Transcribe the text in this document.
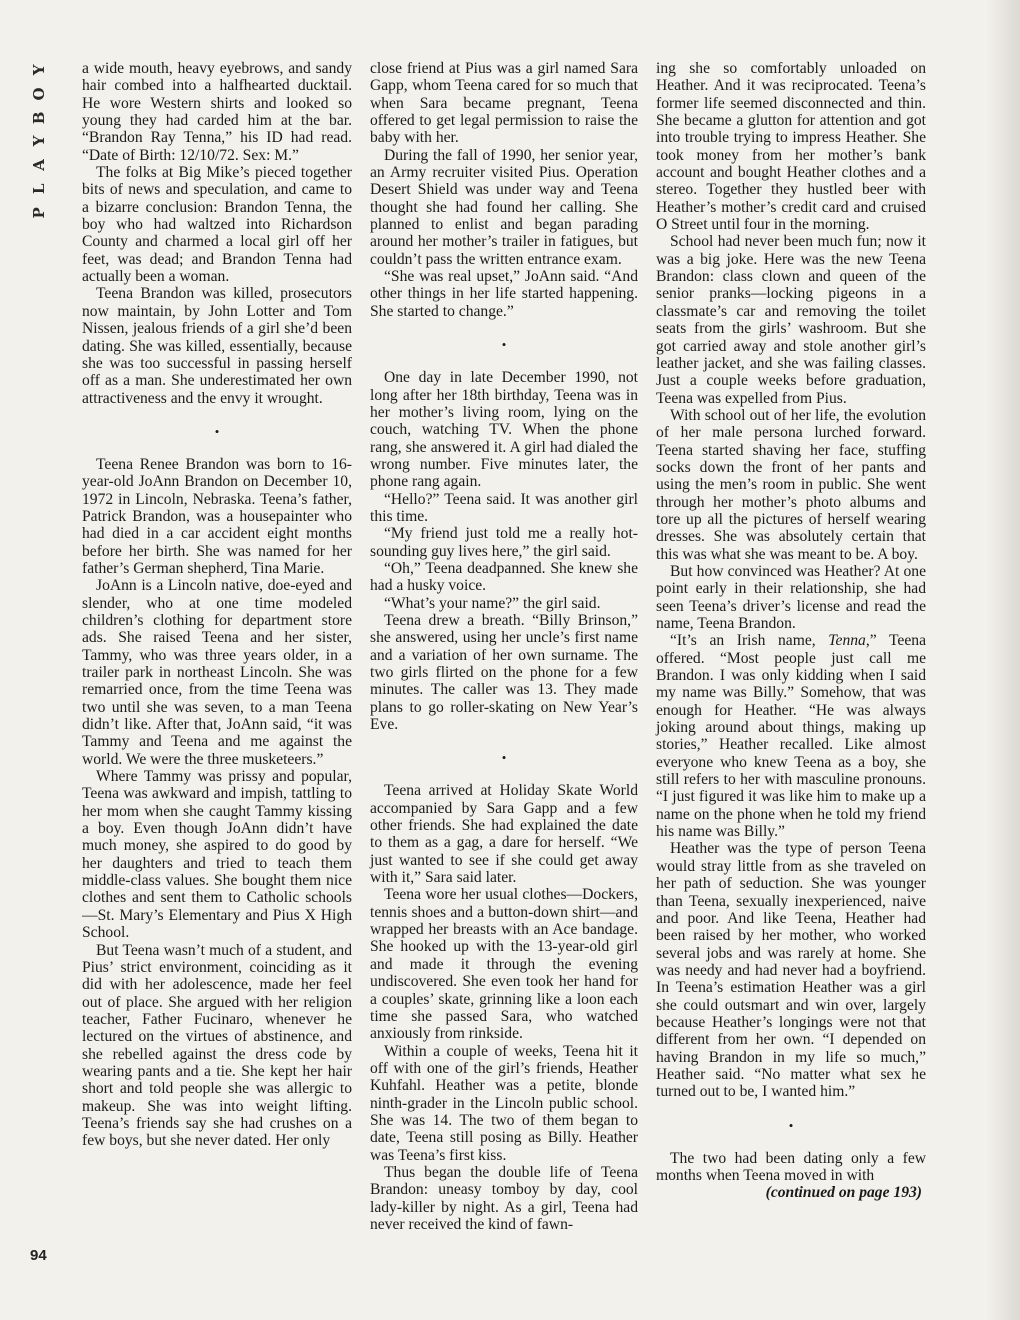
Y
O
B
Y
A
L
P
94

a wide mouth, heavy eyebrows, and sandy hair combed into a halfhearted ducktail. He wore Western shirts and looked so young they had carded him at the bar. “Brandon Ray Tenna,” his ID had read. “Date of Birth: 12/10/72. Sex: M.”

The folks at Big Mike’s pieced together bits of news and speculation, and came to a bizarre conclusion: Brandon Tenna, the boy who had waltzed into Richardson County and charmed a local girl off her feet, was dead; and Brandon Tenna had actually been a woman.

Teena Brandon was killed, prosecutors now maintain, by John Lotter and Tom Nissen, jealous friends of a girl she’d been dating. She was killed, essentially, because she was too successful in passing herself off as a man. She underestimated her own attractiveness and the envy it wrought.

•

Teena Renee Brandon was born to 16-year-old JoAnn Brandon on December 10, 1972 in Lincoln, Nebraska. Teena’s father, Patrick Brandon, was a housepainter who had died in a car accident eight months before her birth. She was named for her father’s German shepherd, Tina Marie.

JoAnn is a Lincoln native, doe-eyed and slender, who at one time modeled children’s clothing for department store ads. She raised Teena and her sister, Tammy, who was three years older, in a trailer park in northeast Lincoln. She was remarried once, from the time Teena was two until she was seven, to a man Teena didn’t like. After that, JoAnn said, “it was Tammy and Teena and me against the world. We were the three musketeers.”

Where Tammy was prissy and popular, Teena was awkward and impish, tattling to her mom when she caught Tammy kissing a boy. Even though JoAnn didn’t have much money, she aspired to do good by her daughters and tried to teach them middle-class values. She bought them nice clothes and sent them to Catholic schools—St. Mary’s Elementary and Pius X High School.

But Teena wasn’t much of a student, and Pius’ strict environment, coinciding as it did with her adolescence, made her feel out of place. She argued with her religion teacher, Father Fucinaro, whenever he lectured on the virtues of abstinence, and she rebelled against the dress code by wearing pants and a tie. She kept her hair short and told people she was allergic to makeup. She was into weight lifting. Teena’s friends say she had crushes on a few boys, but she never dated. Her only

close friend at Pius was a girl named Sara Gapp, whom Teena cared for so much that when Sara became pregnant, Teena offered to get legal permission to raise the baby with her.

During the fall of 1990, her senior year, an Army recruiter visited Pius. Operation Desert Shield was under way and Teena thought she had found her calling. She planned to enlist and began parading around her mother’s trailer in fatigues, but couldn’t pass the written entrance exam.

“She was real upset,” JoAnn said. “And other things in her life started happening. She started to change.”

•

One day in late December 1990, not long after her 18th birthday, Teena was in her mother’s living room, lying on the couch, watching TV. When the phone rang, she answered it. A girl had dialed the wrong number. Five minutes later, the phone rang again.

“Hello?” Teena said. It was another girl this time.

“My friend just told me a really hot-sounding guy lives here,” the girl said.

“Oh,” Teena deadpanned. She knew she had a husky voice.

“What’s your name?” the girl said.

Teena drew a breath. “Billy Brinson,” she answered, using her uncle’s first name and a variation of her own surname. The two girls flirted on the phone for a few minutes. The caller was 13. They made plans to go roller-skating on New Year’s Eve.

•

Teena arrived at Holiday Skate World accompanied by Sara Gapp and a few other friends. She had explained the date to them as a gag, a dare for herself. “We just wanted to see if she could get away with it,” Sara said later.

Teena wore her usual clothes—Dockers, tennis shoes and a button-down shirt—and wrapped her breasts with an Ace bandage. She hooked up with the 13-year-old girl and made it through the evening undiscovered. She even took her hand for a couples’ skate, grinning like a loon each time she passed Sara, who watched anxiously from rinkside.

Within a couple of weeks, Teena hit it off with one of the girl’s friends, Heather Kuhfahl. Heather was a petite, blonde ninth-grader in the Lincoln public school. She was 14. The two of them began to date, Teena still posing as Billy. Heather was Teena’s first kiss.

Thus began the double life of Teena Brandon: uneasy tomboy by day, cool lady-killer by night. As a girl, Teena had never received the kind of fawn-

ing she so comfortably unloaded on Heather. And it was reciprocated. Teena’s former life seemed disconnected and thin. She became a glutton for attention and got into trouble trying to impress Heather. She took money from her mother’s bank account and bought Heather clothes and a stereo. Together they hustled beer with Heather’s mother’s credit card and cruised O Street until four in the morning.

School had never been much fun; now it was a big joke. Here was the new Teena Brandon: class clown and queen of the senior pranks—locking pigeons in a classmate’s car and removing the toilet seats from the girls’ washroom. But she got carried away and stole another girl’s leather jacket, and she was failing classes. Just a couple weeks before graduation, Teena was expelled from Pius.

With school out of her life, the evolution of her male persona lurched forward. Teena started shaving her face, stuffing socks down the front of her pants and using the men’s room in public. She went through her mother’s photo albums and tore up all the pictures of herself wearing dresses. She was absolutely certain that this was what she was meant to be. A boy.

But how convinced was Heather? At one point early in their relationship, she had seen Teena’s driver’s license and read the name, Teena Brandon.

“It’s an Irish name, Tenna,” Teena offered. “Most people just call me Brandon. I was only kidding when I said my name was Billy.” Somehow, that was enough for Heather. “He was always joking around about things, making up stories,” Heather recalled. Like almost everyone who knew Teena as a boy, she still refers to her with masculine pronouns. “I just figured it was like him to make up a name on the phone when he told my friend his name was Billy.”

Heather was the type of person Teena would stray little from as she traveled on her path of seduction. She was younger than Teena, sexually inexperienced, naive and poor. And like Teena, Heather had been raised by her mother, who worked several jobs and was rarely at home. She was needy and had never had a boyfriend. In Teena’s estimation Heather was a girl she could outsmart and win over, largely because Heather’s longings were not that different from her own. “I depended on having Brandon in my life so much,” Heather said. “No matter what sex he turned out to be, I wanted him.”

•

The two had been dating only a few months when Teena moved in with

(continued on page 193)
